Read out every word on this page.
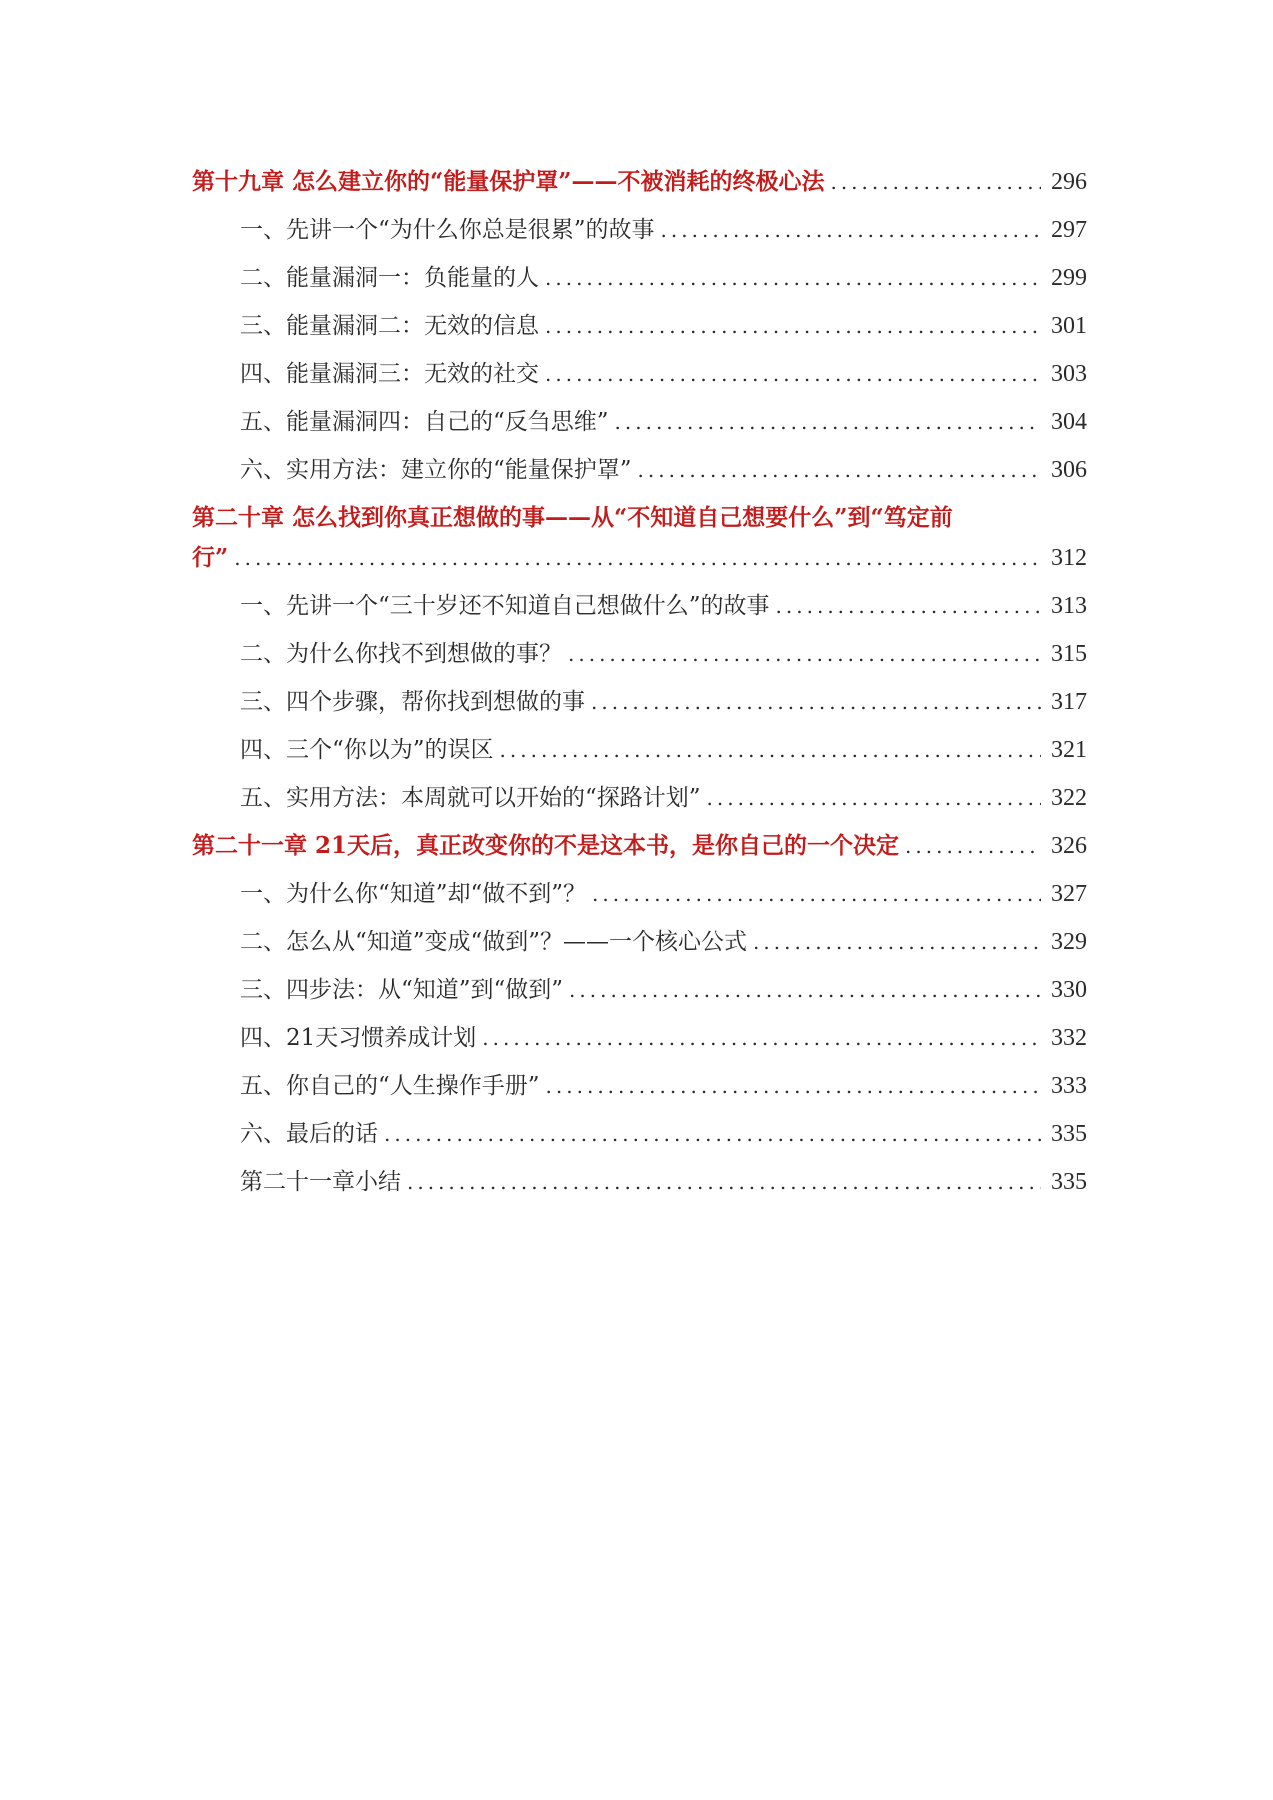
第十九章 怎么建立你的“能量保护罩”——不被消耗的终极心法 .....	296
一、先讲一个“为什么你总是很累”的故事 .....	297
二、能量漏洞一：负能量的人 .....	299
三、能量漏洞二：无效的信息 .....	301
四、能量漏洞三：无效的社交 .....	303
五、能量漏洞四：自己的“反刍思维” .....	304
六、实用方法：建立你的“能量保护罩” .....	306
第二十章 怎么找到你真正想做的事——从“不知道自己想要什么”到“笃定前
行” .....	312
一、先讲一个“三十岁还不知道自己想做什么”的故事 .....	313
二、为什么你找不到想做的事？ .....	315
三、四个步骤，帮你找到想做的事 .....	317
四、三个“你以为”的误区 .....	321
五、实用方法：本周就可以开始的“探路计划” .....	322
第二十一章 21天后，真正改变你的不是这本书，是你自己的一个决定 .....	326
一、为什么你“知道”却“做不到”？ .....	327
二、怎么从“知道”变成“做到”？——一个核心公式 .....	329
三、四步法：从“知道”到“做到” .....	330
四、21天习惯养成计划 .....	332
五、你自己的“人生操作手册” .....	333
六、最后的话 .....	335
第二十一章小结 .....	335
